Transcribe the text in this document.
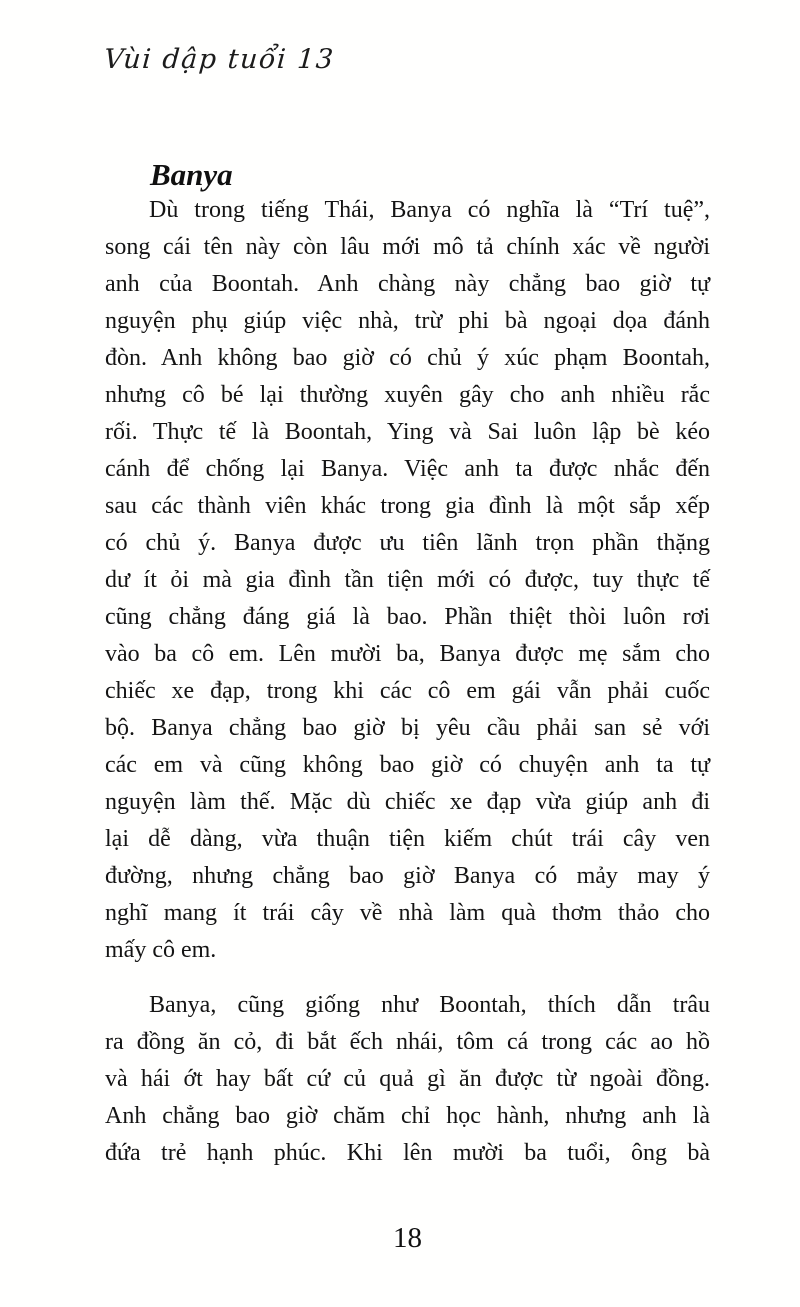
Vùi dập tuổi 13
Banya
Dù trong tiếng Thái, Banya có nghĩa là “Trí tuệ”,
song cái tên này còn lâu mới mô tả chính xác về người
anh của Boontah. Anh chàng này chẳng bao giờ tự
nguyện phụ giúp việc nhà, trừ phi bà ngoại dọa đánh
đòn. Anh không bao giờ có chủ ý xúc phạm Boontah,
nhưng cô bé lại thường xuyên gây cho anh nhiều rắc
rối. Thực tế là Boontah, Ying và Sai luôn lập bè kéo
cánh để chống lại Banya. Việc anh ta được nhắc đến
sau các thành viên khác trong gia đình là một sắp xếp
có chủ ý. Banya được ưu tiên lãnh trọn phần thặng
dư ít ỏi mà gia đình tần tiện mới có được, tuy thực tế
cũng chẳng đáng giá là bao. Phần thiệt thòi luôn rơi
vào ba cô em. Lên mười ba, Banya được mẹ sắm cho
chiếc xe đạp, trong khi các cô em gái vẫn phải cuốc
bộ. Banya chẳng bao giờ bị yêu cầu phải san sẻ với
các em và cũng không bao giờ có chuyện anh ta tự
nguyện làm thế. Mặc dù chiếc xe đạp vừa giúp anh đi
lại dễ dàng, vừa thuận tiện kiếm chút trái cây ven
đường, nhưng chẳng bao giờ Banya có mảy may ý
nghĩ mang ít trái cây về nhà làm quà thơm thảo cho
mấy cô em.
Banya, cũng giống như Boontah, thích dẫn trâu
ra đồng ăn cỏ, đi bắt ếch nhái, tôm cá trong các ao hồ
và hái ớt hay bất cứ củ quả gì ăn được từ ngoài đồng.
Anh chẳng bao giờ chăm chỉ học hành, nhưng anh là
đứa trẻ hạnh phúc. Khi lên mười ba tuổi, ông bà
18
